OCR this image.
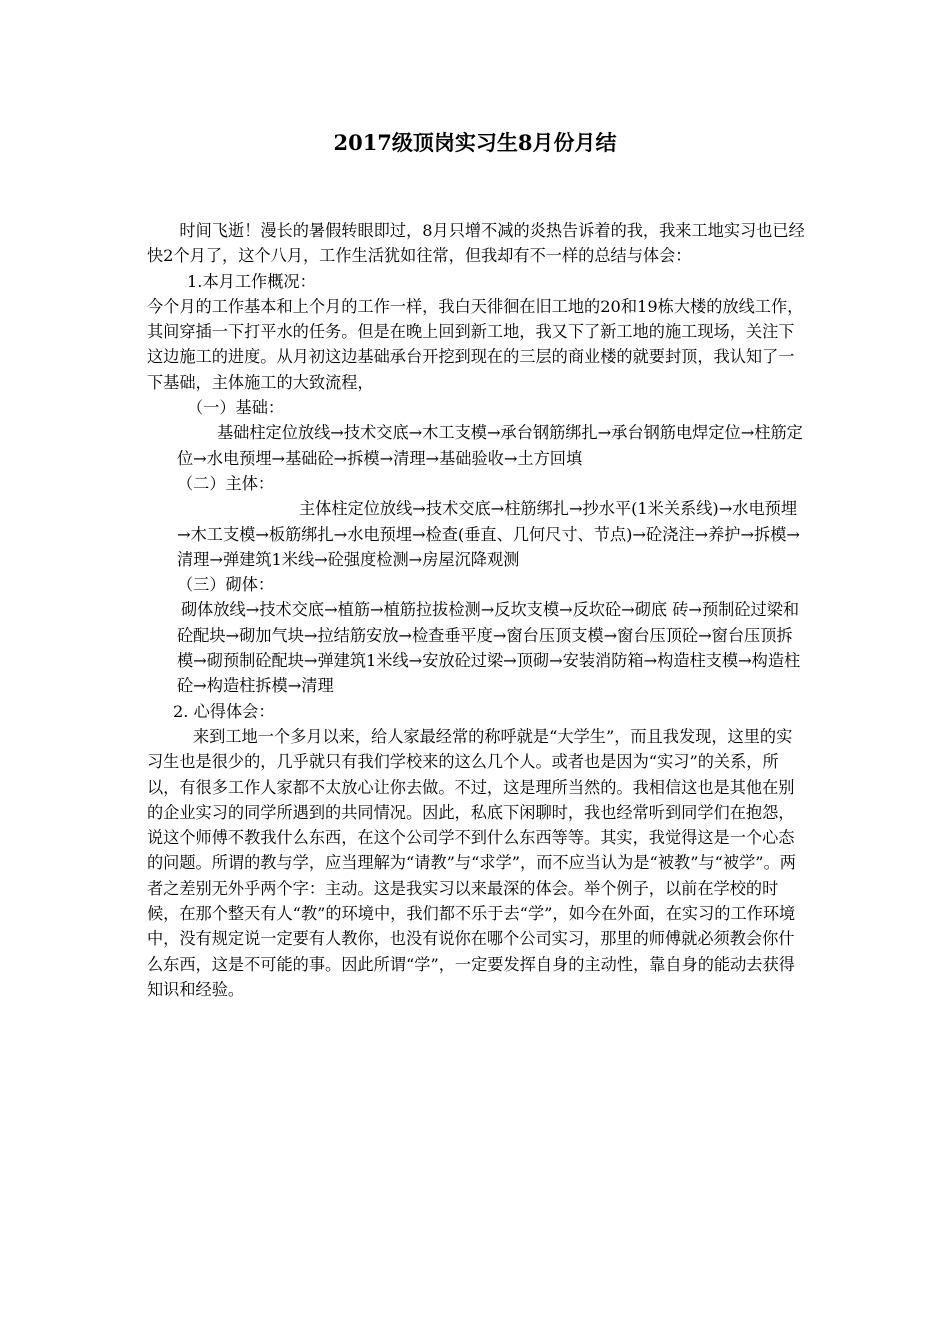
2017级顶岗实习生8月份月结

时间飞逝！漫长的暑假转眼即过，8月只增不减的炎热告诉着的我，我来工地实习也已经快2个月了，这个八月，工作生活犹如往常，但我却有不一样的总结与体会：

1.本月工作概况：

今个月的工作基本和上个月的工作一样，我白天徘徊在旧工地的20和19栋大楼的放线工作，其间穿插一下打平水的任务。但是在晚上回到新工地，我又下了新工地的施工现场，关注下这边施工的进度。从月初这边基础承台开挖到现在的三层的商业楼的就要封顶，我认知了一下基础，主体施工的大致流程，

（一）基础：

基础柱定位放线→技术交底→木工支模→承台钢筋绑扎→承台钢筋电焊定位→柱筋定位→水电预埋→基础砼→拆模→清理→基础验收→土方回填

（二）主体：

主体柱定位放线→技术交底→柱筋绑扎→抄水平(1米关系线)→水电预埋→木工支模→板筋绑扎→水电预埋→检查(垂直、几何尺寸、节点)→砼浇注→养护→拆模→清理→弹建筑1米线→砼强度检测→房屋沉降观测

（三）砌体：

砌体放线→技术交底→植筋→植筋拉拔检测→反坎支模→反坎砼→砌底 砖→预制砼过梁和砼配块→砌加气块→拉结筋安放→检查垂平度→窗台压顶支模→窗台压顶砼→窗台压顶拆模→砌预制砼配块→弹建筑1米线→安放砼过梁→顶砌→安装消防箱→构造柱支模→构造柱砼→构造柱拆模→清理

2. 心得体会：

来到工地一个多月以来，给人家最经常的称呼就是“大学生”，而且我发现，这里的实习生也是很少的，几乎就只有我们学校来的这么几个人。或者也是因为“实习”的关系，所以，有很多工作人家都不太放心让你去做。不过，这是理所当然的。我相信这也是其他在别的企业实习的同学所遇到的共同情况。因此，私底下闲聊时，我也经常听到同学们在抱怨，说这个师傅不教我什么东西，在这个公司学不到什么东西等等。其实，我觉得这是一个心态的问题。所谓的教与学，应当理解为“请教”与“求学”，而不应当认为是“被教”与“被学”。两者之差别无外乎两个字：主动。这是我实习以来最深的体会。举个例子，以前在学校的时候，在那个整天有人“教”的环境中，我们都不乐于去“学”，如今在外面，在实习的工作环境中，没有规定说一定要有人教你，也没有说你在哪个公司实习，那里的师傅就必须教会你什么东西，这是不可能的事。因此所谓“学”，一定要发挥自身的主动性，靠自身的能动去获得知识和经验。
